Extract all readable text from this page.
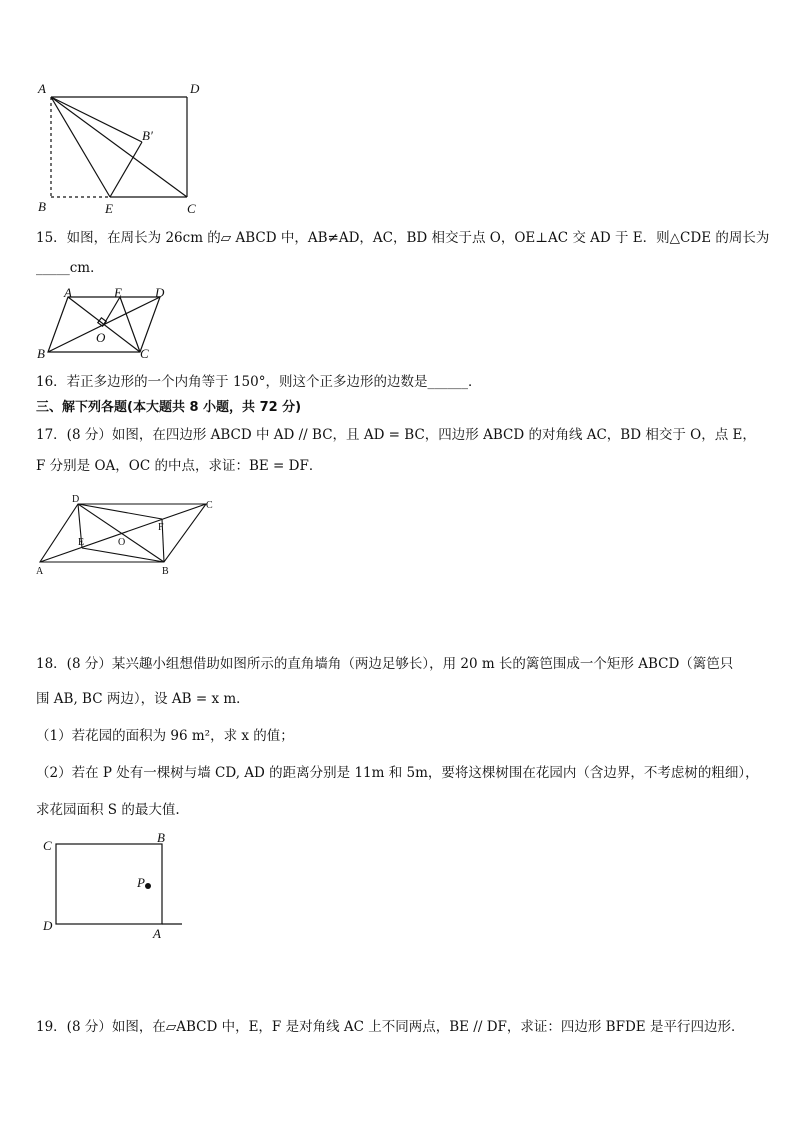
A	D
B′
B	E	C
15．如图，在周长为 26cm 的▱ ABCD 中，AB≠AD，AC，BD 相交于点 O，OE⊥AC 交 AD 于 E．则△CDE 的周长为
_____cm．
A	E	D
B
O
C
16．若正多边形的一个内角等于 150°，则这个正多边形的边数是______．
三、解下列各题(本大题共 8 小题，共 72 分)
17．(8 分）如图，在四边形 ABCD 中 AD // BC，且 AD = BC，四边形 ABCD 的对角线 AC，BD 相交于 O，点 E，
F 分别是 OA，OC 的中点，求证：BE = DF．
D
C
F
E	O
A	B
18．(8 分）某兴趣小组想借助如图所示的直角墙角（两边足够长），用 20 m 长的篱笆围成一个矩形 ABCD（篱笆只
围 AB, BC 两边），设 AB = x m．
（1）若花园的面积为 96 m²，求 x 的值；
（2）若在 P 处有一棵树与墙 CD, AD 的距离分别是 11m 和 5m，要将这棵树围在花园内（含边界，不考虑树的粗细），
求花园面积 S 的最大值.
C
B
P
D
A
19．(8 分）如图，在▱ABCD 中，E，F 是对角线 AC 上不同两点，BE // DF，求证：四边形 BFDE 是平行四边形．
